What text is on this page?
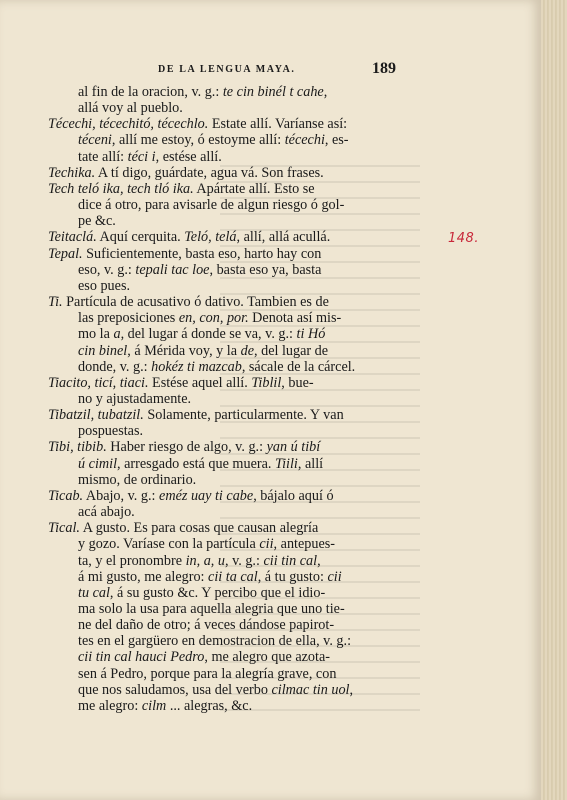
DE LA LENGUA MAYA.	189
al fin de la oracion, v. g.: te cin binél t cahe,
allá voy al pueblo.
Técechi, técechitó, técechlo. Estate allí. Varíanse así:
téceni, allí me estoy, ó estoyme allí: técechi, es-
tate allí: téci i, estése allí.
Techika. A tí digo, guárdate, agua vá. Son frases.
Tech teló ika, tech tló ika. Apártate allí. Esto se
dice á otro, para avisarle de algun riesgo ó gol-
pe &c.
Teitaclá. Aquí cerquita. Teló, telá, allí, allá acullá.
Tepal. Suficientemente, basta eso, harto hay con
eso, v. g.: tepali tac loe, basta eso ya, basta
eso pues.
Ti. Partícula de acusativo ó dativo. Tambien es de
las preposiciones en, con, por. Denota así mis-
mo la a, del lugar á donde se va, v. g.: ti Hó
cin binel, á Mérida voy, y la de, del lugar de
donde, v. g.: hokéz ti mazcab, sácale de la cárcel.
Tiacito, ticí, tiaci. Estése aquel allí. Tiblil, bue-
no y ajustadamente.
Tibatzil, tubatzil. Solamente, particularmente. Y van
pospuestas.
Tibi, tibib. Haber riesgo de algo, v. g.: yan ú tibí
ú cimil, arresgado está que muera. Tiili, allí
mismo, de ordinario.
Ticab. Abajo, v. g.: eméz uay ti cabe, bájalo aquí ó
acá abajo.
Tical. A gusto. Es para cosas que causan alegría
y gozo. Varíase con la partícula cii, antepues-
ta, y el pronombre in, a, u, v. g.: cii tin cal,
á mi gusto, me alegro: cii ta cal, á tu gusto: cii
tu cal, á su gusto &c. Y percibo que el idio-
ma solo la usa para aquella alegria que uno tie-
ne del daño de otro; á veces dándose papirot-
tes en el gargüero en demostracion de ella, v. g.:
cii tin cal hauci Pedro, me alegro que azota-
sen á Pedro, porque para la alegría grave, con
que nos saludamos, usa del verbo cilmac tin uol,
me alegro: cilm ... alegras, &c.
148.
